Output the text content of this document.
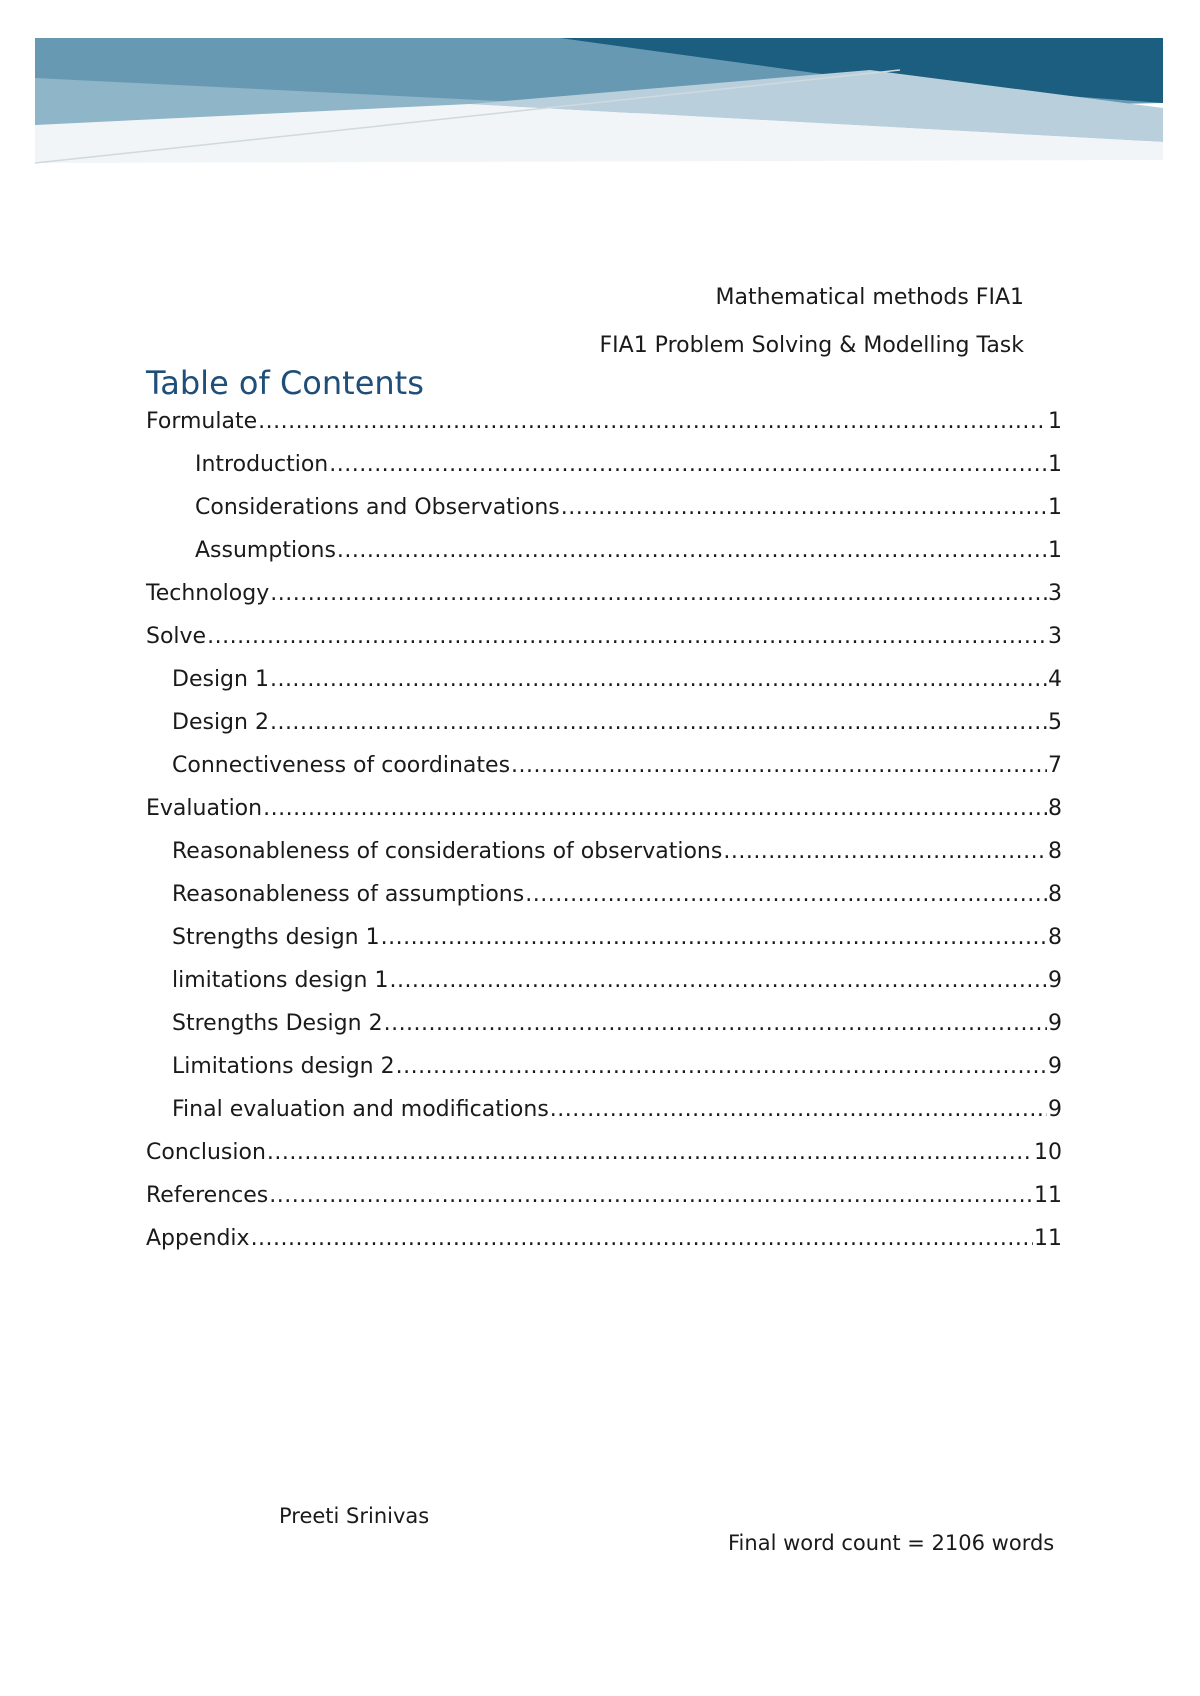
Mathematical methods FIA1
FIA1 Problem Solving & Modelling Task
Table of Contents
Formulate .....	1
Introduction .....	1
Considerations and Observations .....	1
Assumptions .....	1
Technology .....	3
Solve .....	3
Design 1 .....	4
Design 2 .....	5
Connectiveness of coordinates .....	7
Evaluation .....	8
Reasonableness of considerations of observations .....	8
Reasonableness of assumptions .....	8
Strengths design 1 .....	8
limitations design 1 .....	9
Strengths Design 2 .....	9
Limitations design 2 .....	9
Final evaluation and modifications .....	9
Conclusion .....	10
References .....	11
Appendix .....	11
Preeti Srinivas
Final word count = 2106 words
